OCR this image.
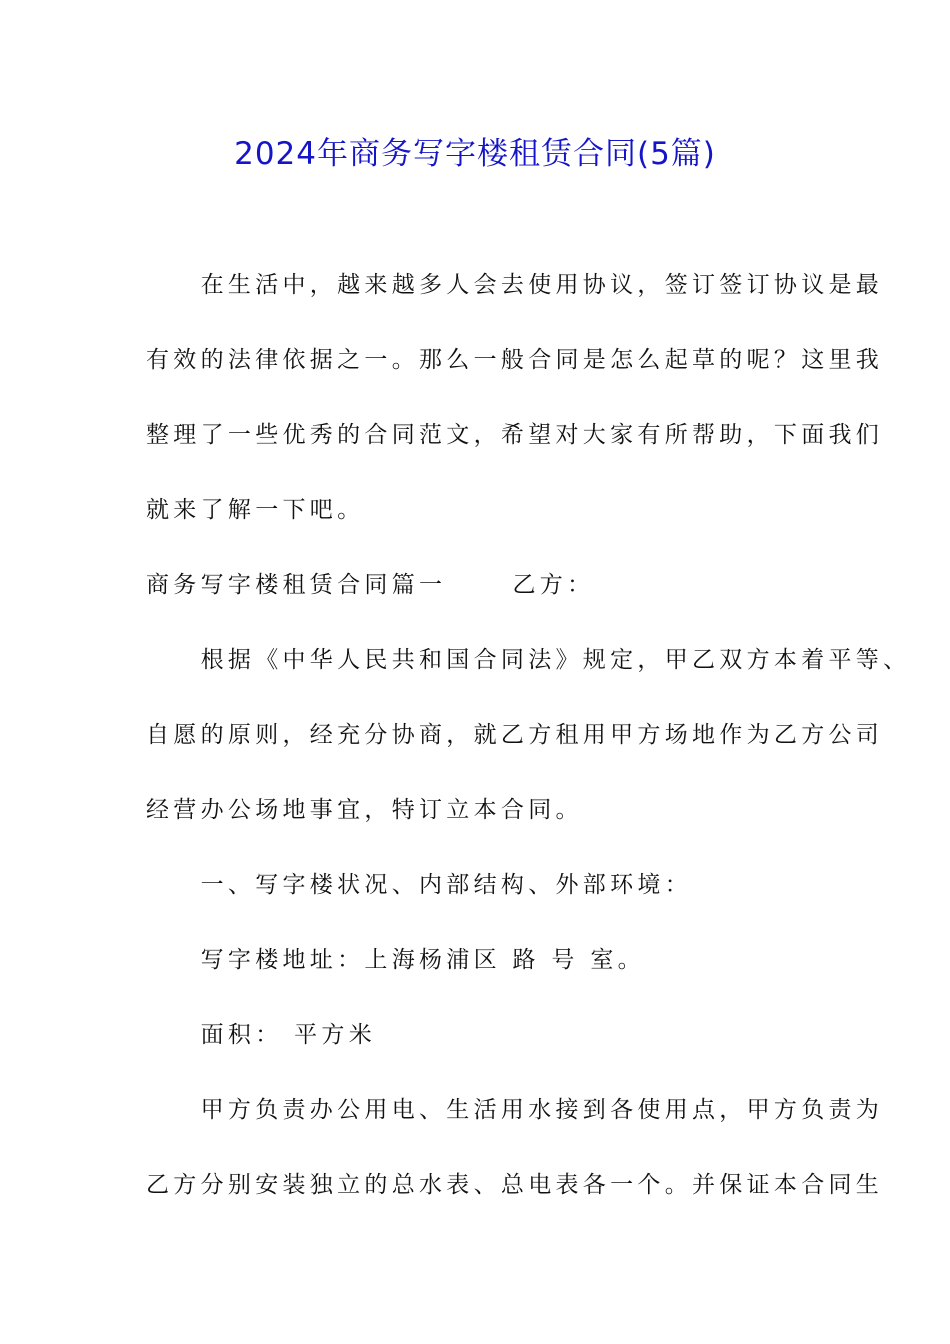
2024年商务写字楼租赁合同(5篇)
　　在生活中，越来越多人会去使用协议，签订签订协议是最
有效的法律依据之一。那么一般合同是怎么起草的呢？这里我
整理了一些优秀的合同范文，希望对大家有所帮助，下面我们
就来了解一下吧。
商务写字楼租赁合同篇一　　 乙方：
　　根据《中华人民共和国合同法》规定，甲乙双方本着平等、
自愿的原则，经充分协商，就乙方租用甲方场地作为乙方公司
经营办公场地事宜，特订立本合同。
　　一、写字楼状况、内部结构、外部环境：
　　写字楼地址：上海杨浦区 路 号 室。
　　面积： 平方米
　　甲方负责办公用电、生活用水接到各使用点，甲方负责为
乙方分别安装独立的总水表、总电表各一个。并保证本合同生
